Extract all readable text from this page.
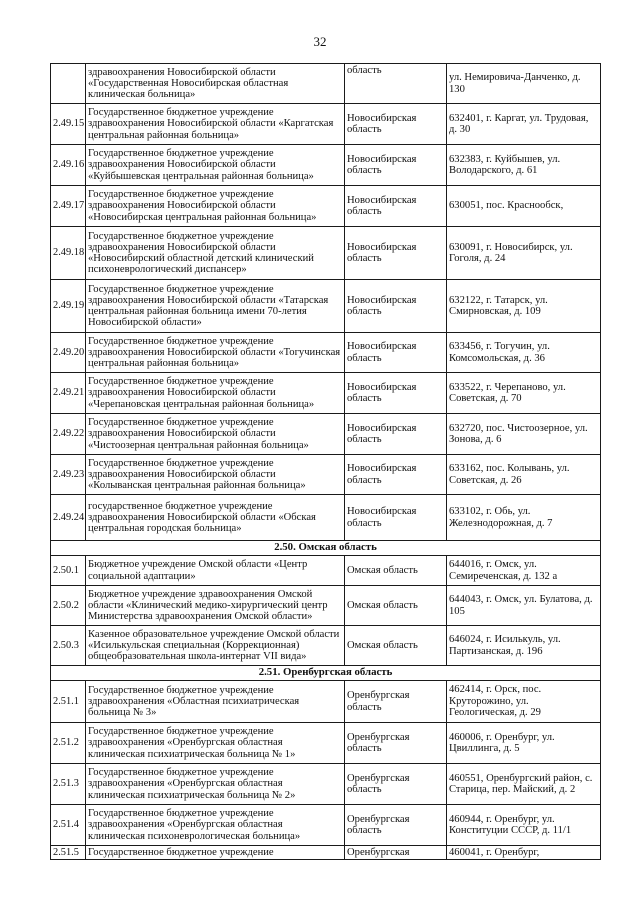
32
	здравоохранения Новосибирской области «Государственная Новосибирская областная клиническая больница»	область	ул. Немировича-Данченко, д. 130
2.49.15	Государственное бюджетное учреждение здравоохранения Новосибирской области «Каргатская центральная районная больница»	Новосибирская область	632401, г. Каргат, ул. Трудовая, д. 30
2.49.16	Государственное бюджетное учреждение здравоохранения Новосибирской области «Куйбышевская центральная районная больница»	Новосибирская область	632383, г. Куйбышев, ул. Володарского, д. 61
2.49.17	Государственное бюджетное учреждение здравоохранения Новосибирской области «Новосибирская центральная районная больница»	Новосибирская область	630051, пос. Краснообск,
2.49.18	Государственное бюджетное учреждение здравоохранения Новосибирской области «Новосибирский областной детский клинический психоневрологический диспансер»	Новосибирская область	630091, г. Новосибирск, ул. Гоголя, д. 24
2.49.19	Государственное бюджетное учреждение здравоохранения Новосибирской области «Татарская центральная районная больница имени 70-летия Новосибирской области»	Новосибирская область	632122, г. Татарск, ул. Смирновская, д. 109
2.49.20	Государственное бюджетное учреждение здравоохранения Новосибирской области «Тогучинская центральная районная больница»	Новосибирская область	633456, г. Тогучин, ул. Комсомольская, д. 36
2.49.21	Государственное бюджетное учреждение здравоохранения Новосибирской области «Черепановская центральная районная больница»	Новосибирская область	633522, г. Черепаново, ул. Советская, д. 70
2.49.22	Государственное бюджетное учреждение здравоохранения Новосибирской области «Чистоозерная центральная районная больница»	Новосибирская область	632720, пос. Чистоозерное, ул. Зонова, д. 6
2.49.23	Государственное бюджетное учреждение здравоохранения Новосибирской области «Колыванская центральная районная больница»	Новосибирская область	633162, пос. Колывань, ул. Советская, д. 26
2.49.24	государственное бюджетное учреждение здравоохранения Новосибирской области «Обская центральная городская больница»	Новосибирская область	633102, г. Обь, ул. Железнодорожная, д. 7
2.50. Омская область			
2.50.1	Бюджетное учреждение Омской области «Центр социальной адаптации»	Омская область	644016, г. Омск, ул. Семиреченская, д. 132 а
2.50.2	Бюджетное учреждение здравоохранения Омской области «Клинический медико-хирургический центр Министерства здравоохранения Омской области»	Омская область	644043, г. Омск, ул. Булатова, д. 105
2.50.3	Казенное образовательное учреждение Омской области «Исилькульская специальная (Коррекционная) общеобразовательная школа-интернат VII вида»	Омская область	646024, г. Исилькуль, ул. Партизанская, д. 196
2.51. Оренбургская область			
2.51.1	Государственное бюджетное учреждение здравоохранения «Областная психиатрическая больница № 3»	Оренбургская область	462414, г. Орск, пос. Круторожино, ул. Геологическая, д. 29
2.51.2	Государственное бюджетное учреждение здравоохранения «Оренбургская областная клиническая психиатрическая больница № 1»	Оренбургская область	460006, г. Оренбург, ул. Цвиллинга, д. 5
2.51.3	Государственное бюджетное учреждение здравоохранения «Оренбургская областная клиническая психиатрическая больница № 2»	Оренбургская область	460551, Оренбургский район, с. Старица, пер. Майский, д. 2
2.51.4	Государственное бюджетное учреждение здравоохранения «Оренбургская областная клиническая психоневрологическая больница»	Оренбургская область	460944, г. Оренбург, ул. Конституции СССР, д. 11/1
2.51.5	Государственное бюджетное учреждение	Оренбургская	460041, г. Оренбург,
